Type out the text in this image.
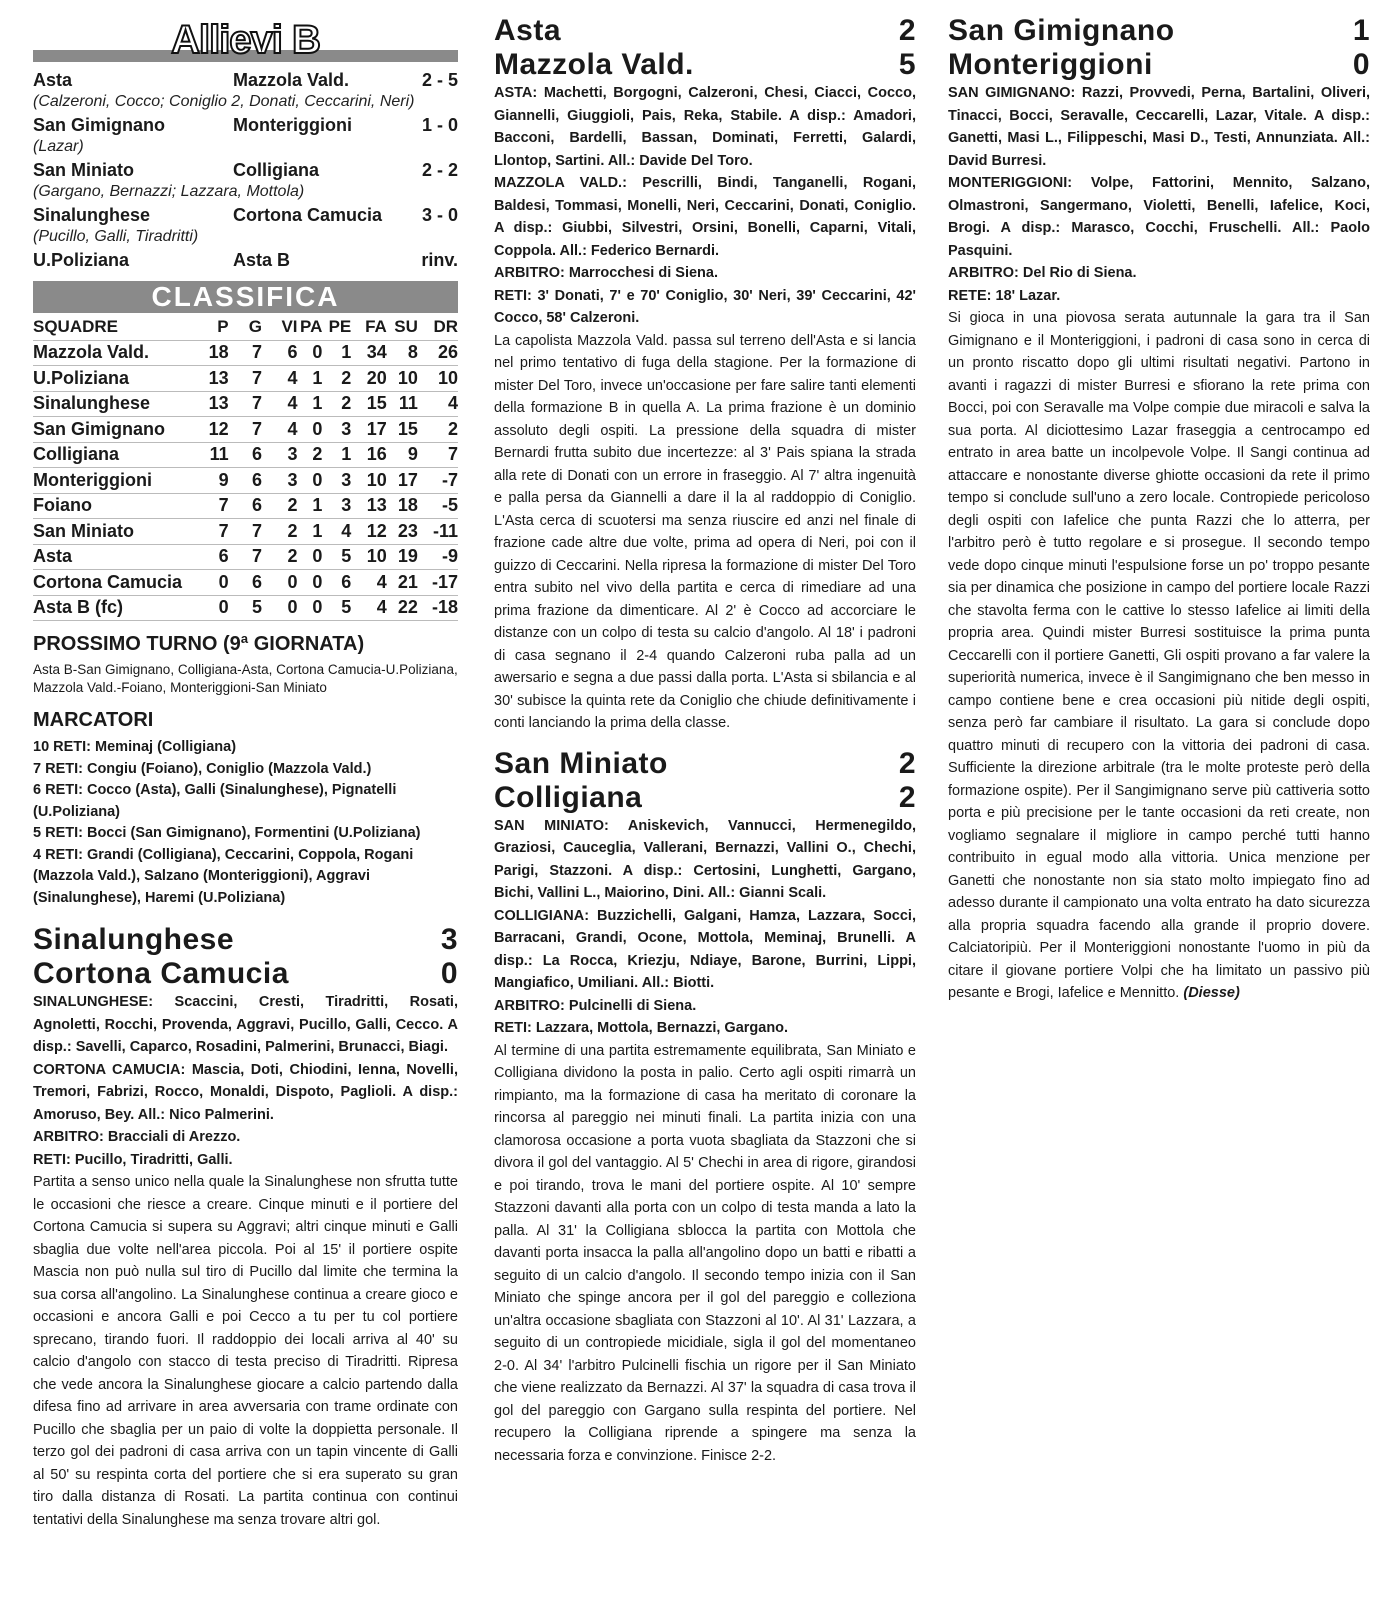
Allievi B
Asta	Mazzola Vald.	2 - 5
(Calzeroni, Cocco; Coniglio 2, Donati, Ceccarini, Neri)
San Gimignano	Monteriggioni	1 - 0
(Lazar)
San Miniato	Colligiana	2 - 2
(Gargano, Bernazzi; Lazzara, Mottola)
Sinalunghese	Cortona Camucia 3 - 0
(Pucillo, Galli, Tiradritti)
U.Poliziana	Asta B	rinv.
CLASSIFICA
SQUADRE	P	G	VI	PA	PE	FA	SU	DR
Mazzola Vald.	18	7	6	0	1	34	8	26
U.Poliziana	13	7	4	1	2	20	10	10
Sinalunghese	13	7	4	1	2	15	11	4
San Gimignano	12	7	4	0	3	17	15	2
Colligiana	11	6	3	2	1	16	9	7
Monteriggioni	9	6	3	0	3	10	17	-7
Foiano	7	6	2	1	3	13	18	-5
San Miniato	7	7	2	1	4	12	23	-11
Asta	6	7	2	0	5	10	19	-9
Cortona Camucia	0	6	0	0	6	4	21	-17
Asta B (fc)	0	5	0	0	5	4	22	-18
PROSSIMO TURNO (9ª GIORNATA)
Asta B-San Gimignano, Colligiana-Asta, Cortona Camucia-U.Poliziana, Mazzola Vald.-Foiano, Monteriggioni-San Miniato
MARCATORI
10 RETI: Meminaj (Colligiana)
7 RETI: Congiu (Foiano), Coniglio (Mazzola Vald.)
6 RETI: Cocco (Asta), Galli (Sinalunghese), Pignatelli (U.Poliziana)
5 RETI: Bocci (San Gimignano), Formentini (U.Poliziana)
4 RETI: Grandi (Colligiana), Ceccarini, Coppola, Rogani (Mazzola Vald.), Salzano (Monteriggioni), Aggravi (Sinalunghese), Haremi (U.Poliziana)
Sinalunghese	3
Cortona Camucia	0
SINALUNGHESE: Scaccini, Cresti, Tiradritti, Rosati, Agnoletti, Rocchi, Provenda, Aggravi, Pucillo, Galli, Cecco. A disp.: Savelli, Caparco, Rosadini, Palmerini, Brunacci, Biagi.
CORTONA CAMUCIA: Mascia, Doti, Chiodini, Ienna, Novelli, Tremori, Fabrizi, Rocco, Monaldi, Dispoto, Paglioli. A disp.: Amoruso, Bey. All.: Nico Palmerini.
ARBITRO: Bracciali di Arezzo.
RETI: Pucillo, Tiradritti, Galli.
Partita a senso unico nella quale la Sinalunghese non sfrutta tutte le occasioni che riesce a creare. Cinque minuti e il portiere del Cortona Camucia si supera su Aggravi; altri cinque minuti e Galli sbaglia due volte nell'area piccola. Poi al 15' il portiere ospite Mascia non può nulla sul tiro di Pucillo dal limite che termina la sua corsa all'angolino. La Sinalunghese continua a creare gioco e occasioni e ancora Galli e poi Cecco a tu per tu col portiere sprecano, tirando fuori. Il raddoppio dei locali arriva al 40' su calcio d'angolo con stacco di testa preciso di Tiradritti. Ripresa che vede ancora la Sinalunghese giocare a calcio partendo dalla difesa fino ad arrivare in area avversaria con trame ordinate con Pucillo che sbaglia per un paio di volte la doppietta personale. Il terzo gol dei padroni di casa arriva con un tapin vincente di Galli al 50' su respinta corta del portiere che si era superato su gran tiro dalla distanza di Rosati. La partita continua con continui tentativi della Sinalunghese ma senza trovare altri gol.
Asta	2
Mazzola Vald.	5
ASTA: Machetti, Borgogni, Calzeroni, Chesi, Ciacci, Cocco, Giannelli, Giuggioli, Pais, Reka, Stabile. A disp.: Amadori, Bacconi, Bardelli, Bassan, Dominati, Ferretti, Galardi, Llontop, Sartini. All.: Davide Del Toro.
MAZZOLA VALD.: Pescrilli, Bindi, Tanganelli, Rogani, Baldesi, Tommasi, Monelli, Neri, Ceccarini, Donati, Coniglio. A disp.: Giubbi, Silvestri, Orsini, Bonelli, Caparni, Vitali, Coppola. All.: Federico Bernardi.
ARBITRO: Marrocchesi di Siena.
RETI: 3' Donati, 7' e 70' Coniglio, 30' Neri, 39' Ceccarini, 42' Cocco, 58' Calzeroni.
La capolista Mazzola Vald. passa sul terreno dell'Asta e si lancia nel primo tentativo di fuga della stagione. Per la formazione di mister Del Toro, invece un'occasione per fare salire tanti elementi della formazione B in quella A. La prima frazione è un dominio assoluto degli ospiti. La pressione della squadra di mister Bernardi frutta subito due incertezze: al 3' Pais spiana la strada alla rete di Donati con un errore in fraseggio. Al 7' altra ingenuità e palla persa da Giannelli a dare il la al raddoppio di Coniglio. L'Asta cerca di scuotersi ma senza riuscire ed anzi nel finale di frazione cade altre due volte, prima ad opera di Neri, poi con il guizzo di Ceccarini. Nella ripresa la formazione di mister Del Toro entra subito nel vivo della partita e cerca di rimediare ad una prima frazione da dimenticare. Al 2' è Cocco ad accorciare le distanze con un colpo di testa su calcio d'angolo. Al 18' i padroni di casa segnano il 2-4 quando Calzeroni ruba palla ad un awersario e segna a due passi dalla porta. L'Asta si sbilancia e al 30' subisce la quinta rete da Coniglio che chiude definitivamente i conti lanciando la prima della classe.
San Miniato	2
Colligiana	2
SAN MINIATO: Aniskevich, Vannucci, Hermenegildo, Graziosi, Cauceglia, Vallerani, Bernazzi, Vallini O., Chechi, Parigi, Stazzoni. A disp.: Certosini, Lunghetti, Gargano, Bichi, Vallini L., Maiorino, Dini. All.: Gianni Scali.
COLLIGIANA: Buzzichelli, Galgani, Hamza, Lazzara, Socci, Barracani, Grandi, Ocone, Mottola, Meminaj, Brunelli. A disp.: La Rocca, Kriezju, Ndiaye, Barone, Burrini, Lippi, Mangiafico, Umiliani. All.: Biotti.
ARBITRO: Pulcinelli di Siena.
RETI: Lazzara, Mottola, Bernazzi, Gargano.
Al termine di una partita estremamente equilibrata, San Miniato e Colligiana dividono la posta in palio. Certo agli ospiti rimarrà un rimpianto, ma la formazione di casa ha meritato di coronare la rincorsa al pareggio nei minuti finali. La partita inizia con una clamorosa occasione a porta vuota sbagliata da Stazzoni che si divora il gol del vantaggio. Al 5' Chechi in area di rigore, girandosi e poi tirando, trova le mani del portiere ospite. Al 10' sempre Stazzoni davanti alla porta con un colpo di testa manda a lato la palla. Al 31' la Colligiana sblocca la partita con Mottola che davanti porta insacca la palla all'angolino dopo un batti e ribatti a seguito di un calcio d'angolo. Il secondo tempo inizia con il San Miniato che spinge ancora per il gol del pareggio e colleziona un'altra occasione sbagliata con Stazzoni al 10'. Al 31' Lazzara, a seguito di un contropiede micidiale, sigla il gol del momentaneo 2-0. Al 34' l'arbitro Pulcinelli fischia un rigore per il San Miniato che viene realizzato da Bernazzi. Al 37' la squadra di casa trova il gol del pareggio con Gargano sulla respinta del portiere. Nel recupero la Colligiana riprende a spingere ma senza la necessaria forza e convinzione. Finisce 2-2.
San Gimignano	1
Monteriggioni	0
SAN GIMIGNANO: Razzi, Provvedi, Perna, Bartalini, Oliveri, Tinacci, Bocci, Seravalle, Ceccarelli, Lazar, Vitale. A disp.: Ganetti, Masi L., Filippeschi, Masi D., Testi, Annunziata. All.: David Burresi.
MONTERIGGIONI: Volpe, Fattorini, Mennito, Salzano, Olmastroni, Sangermano, Violetti, Benelli, Iafelice, Koci, Brogi. A disp.: Marasco, Cocchi, Fruschelli. All.: Paolo Pasquini.
ARBITRO: Del Rio di Siena.
RETE: 18' Lazar.
Si gioca in una piovosa serata autunnale la gara tra il San Gimignano e il Monteriggioni, i padroni di casa sono in cerca di un pronto riscatto dopo gli ultimi risultati negativi. Partono in avanti i ragazzi di mister Burresi e sfiorano la rete prima con Bocci, poi con Seravalle ma Volpe compie due miracoli e salva la sua porta. Al diciottesimo Lazar fraseggia a centrocampo ed entrato in area batte un incolpevole Volpe. Il Sangi continua ad attaccare e nonostante diverse ghiotte occasioni da rete il primo tempo si conclude sull'uno a zero locale. Contropiede pericoloso degli ospiti con Iafelice che punta Razzi che lo atterra, per l'arbitro però è tutto regolare e si prosegue. Il secondo tempo vede dopo cinque minuti l'espulsione forse un po' troppo pesante sia per dinamica che posizione in campo del portiere locale Razzi che stavolta ferma con le cattive lo stesso Iafelice ai limiti della propria area. Quindi mister Burresi sostituisce la prima punta Ceccarelli con il portiere Ganetti, Gli ospiti provano a far valere la superiorità numerica, invece è il Sangimignano che ben messo in campo contiene bene e crea occasioni più nitide degli ospiti, senza però far cambiare il risultato. La gara si conclude dopo quattro minuti di recupero con la vittoria dei padroni di casa. Sufficiente la direzione arbitrale (tra le molte proteste però della formazione ospite). Per il Sangimignano serve più cattiveria sotto porta e più precisione per le tante occasioni da reti create, non vogliamo segnalare il migliore in campo perché tutti hanno contribuito in egual modo alla vittoria. Unica menzione per Ganetti che nonostante non sia stato molto impiegato fino ad adesso durante il campionato una volta entrato ha dato sicurezza alla propria squadra facendo alla grande il proprio dovere. Calciatoripiù. Per il Monteriggioni nonostante l'uomo in più da citare il giovane portiere Volpi che ha limitato un passivo più pesante e Brogi, Iafelice e Mennitto. (Diesse)
